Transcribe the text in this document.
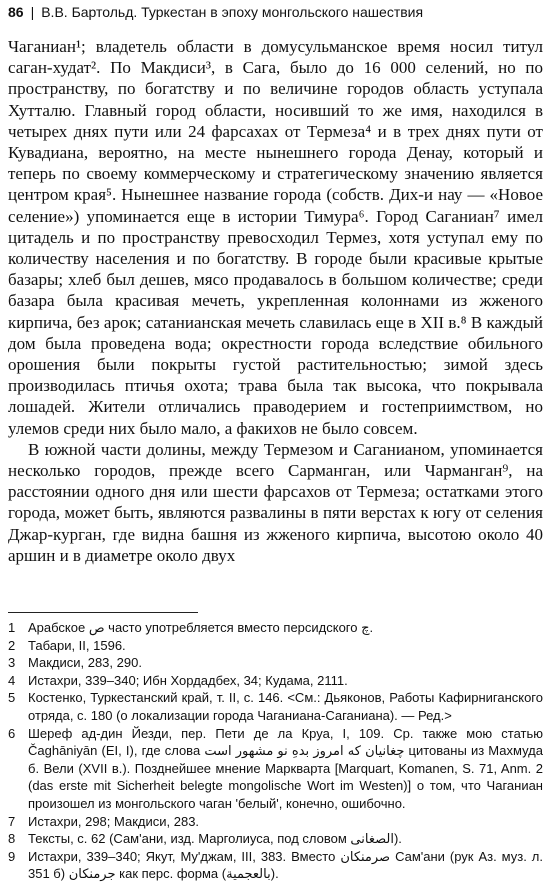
86 | В.В. Бартольд. Туркестан в эпоху монгольского нашествия

Чаганиан¹; владетель области в домусульманское время носил титул саган-худат². По Макдиси³, в Сага, было до 16 000 селений, но по пространству, по богатству и по величине городов область уступала Хутталю. Главный город области, носивший то же имя, находился в четырех днях пути или 24 фарсахах от Термеза⁴ и в трех днях пути от Кувадиана, вероятно, на месте нынешнего города Денау, который и теперь по своему коммерческому и стратегическому значению является центром края⁵. Нынешнее название города (собств. Дих-и нау — «Новое селение») упоминается еще в истории Тимура⁶. Город Саганиан⁷ имел цитадель и по пространству превосходил Термез, хотя уступал ему по количеству населения и по богатству. В городе были красивые крытые базары; хлеб был дешев, мясо продавалось в большом количестве; среди базара была красивая мечеть, укрепленная колоннами из жженого кирпича, без арок; сатанианская мечеть славилась еще в XII в.⁸ В каждый дом была проведена вода; окрестности города вследствие обильного орошения были покрыты густой растительностью; зимой здесь производилась птичья охота; трава была так высока, что покрывала лошадей. Жители отличались праводерием и гостеприимством, но улемов среди них было мало, а факихов не было совсем.

В южной части долины, между Термезом и Саганианом, упоминается несколько городов, прежде всего Сарманган, или Чарманган⁹, на расстоянии одного дня или шести фарсахов от Термеза; остатками этого города, может быть, являются развалины в пяти верстах к югу от селения Джар-курган, где видна башня из жженого кирпича, высотою около 40 аршин и в диаметре около двух

1 Арабское ص часто употребляется вместо персидского چ.

2 Табари, II, 1596.

3 Макдиси, 283, 290.

4 Истахри, 339–340; Ибн Хордадбех, 34; Кудама, 2111.

5 Костенко, Туркестанский край, т. II, с. 146. <См.: Дьяконов, Работы Кафирниганского отряда, с. 180 (о локализации города Чаганиана-Саганиана). — Ред.>

6 Шереф ад-дин Йезди, пер. Пети де ла Круа, I, 109. Ср. также мою статью Čaghāniyān (EI, I), где слова چغانیان که امروز بدهِ نو مشهور است цитованы из Махмуда б. Вели (XVII в.). Позднейшее мнение Маркварта [Marquart, Komanen, S. 71, Anm. 2 (das erste mit Sicherheit belegte mongolische Wort im Westen)] о том, что Чаганиан произошел из монгольского чаган 'белый', конечно, ошибочно.

7 Истахри, 298; Макдиси, 283.

8 Тексты, с. 62 (Сам'ани, изд. Марголиуса, под словом الصغانی).

9 Истахри, 339–340; Якут, Му'джам, III, 383. Вместо صرمنكان Сам'ани (рук Аз. муз. л. 351 б) جرمنكان как перс. форма (بالعجمية).
